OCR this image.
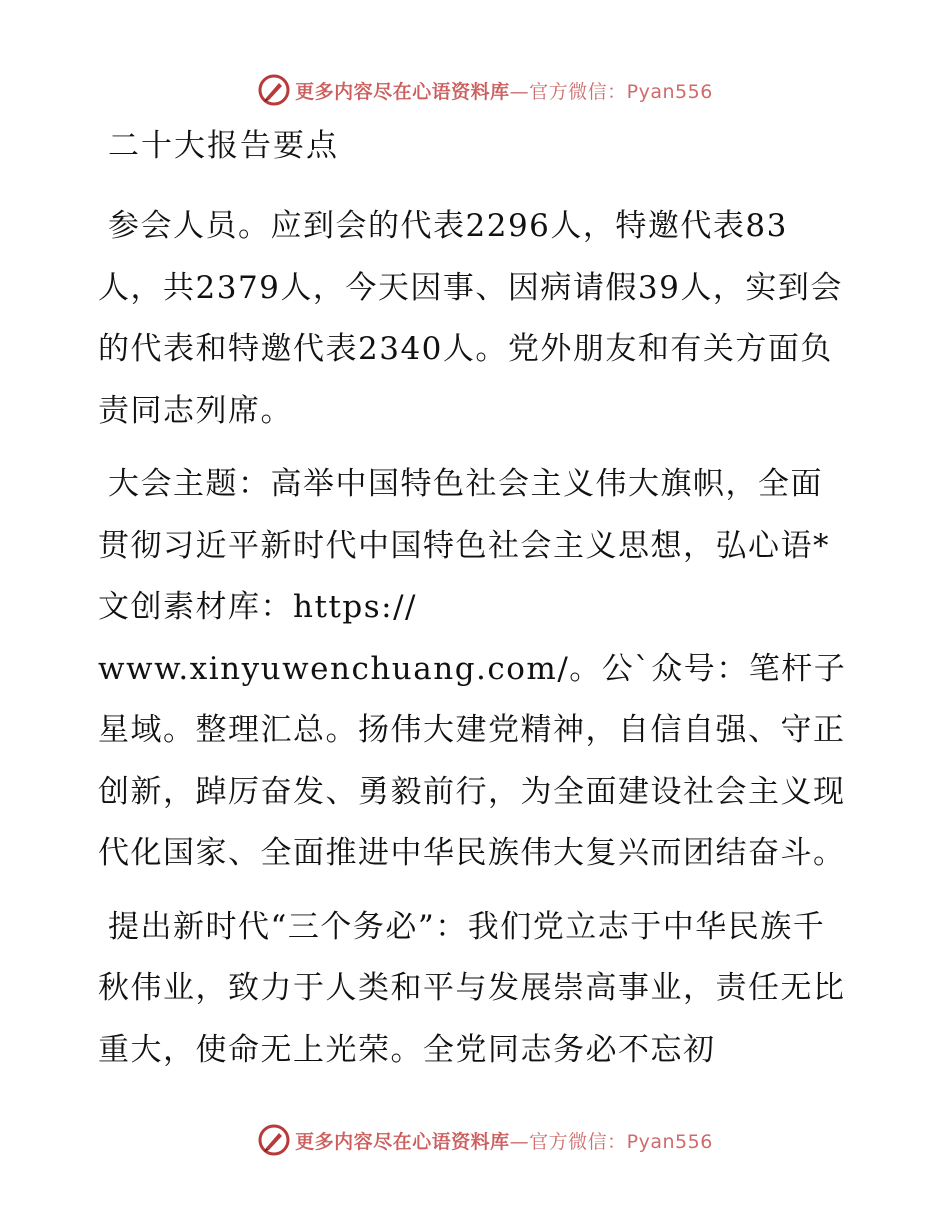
更多内容尽在心语资料库—官方微信：Pyan556
二十大报告要点

参会人员。应到会的代表2296人，特邀代表83人，共2379人，今天因事、因病请假39人，实到会的代表和特邀代表2340人。党外朋友和有关方面负责同志列席。

大会主题：高举中国特色社会主义伟大旗帜，全面贯彻习近平新时代中国特色社会主义思想，弘心语*文创素材库：https://

www.xinyuwenchuang.com/。公`众号：笔杆子星域。整理汇总。扬伟大建党精神，自信自强、守正创新，踔厉奋发、勇毅前行，为全面建设社会主义现代化国家、全面推进中华民族伟大复兴而团结奋斗。

提出新时代“三个务必”：我们党立志于中华民族千秋伟业，致力于人类和平与发展崇高事业，责任无比重大，使命无上光荣。全党同志务必不忘初

更多内容尽在心语资料库—官方微信：Pyan556
